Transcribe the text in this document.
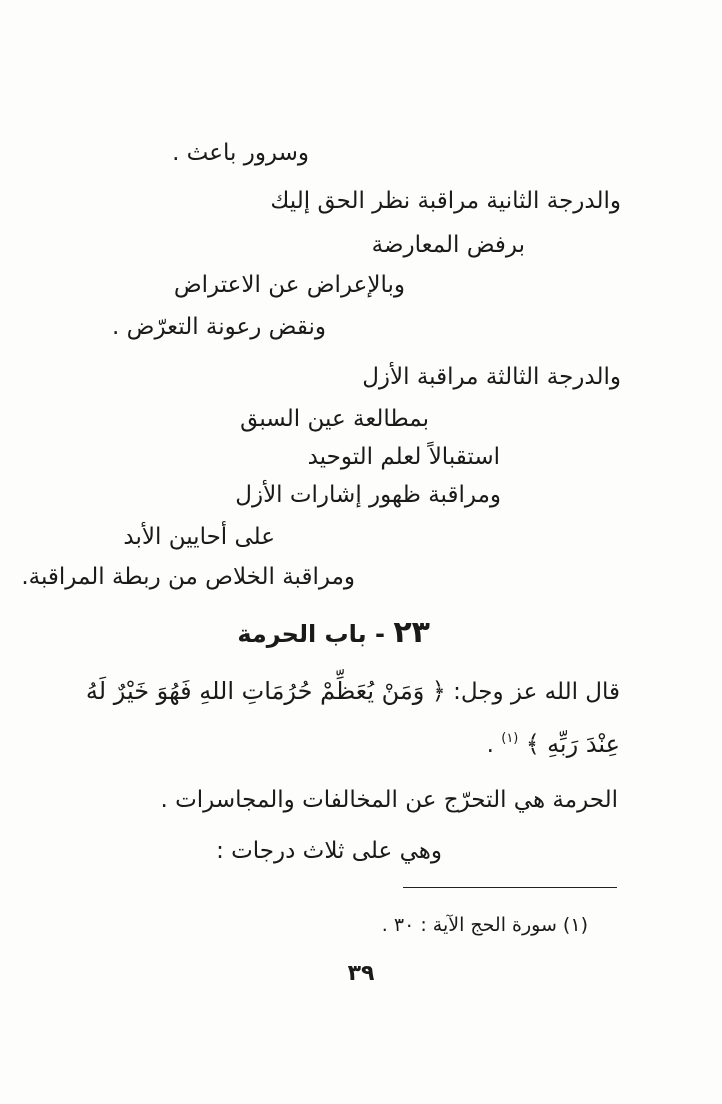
وسرور باعث .
والدرجة الثانية مراقبة نظر الحق إليك
برفض المعارضة
وبالإعراض عن الاعتراض
ونقض رعونة التعرّض .
والدرجة الثالثة مراقبة الأزل
بمطالعة عين السبق
استقبالاً لعلم التوحيد
ومراقبة ظهور إشارات الأزل
على أحايين الأبد
ومراقبة الخلاص من ربطة المراقبة.
٢٣ - باب الحرمة
قال الله عز وجل: ﴿ وَمَنْ يُعَظِّمْ حُرُمَاتِ اللهِ فَهُوَ خَيْرٌ لَهُ
عِنْدَ رَبِّهِ ﴾ $^{(١)}$ .
الحرمة هي التحرّج عن المخالفات والمجاسرات .
وهي على ثلاث درجات :
(١) سورة الحج الآية : ٣٠ .
٣٩
